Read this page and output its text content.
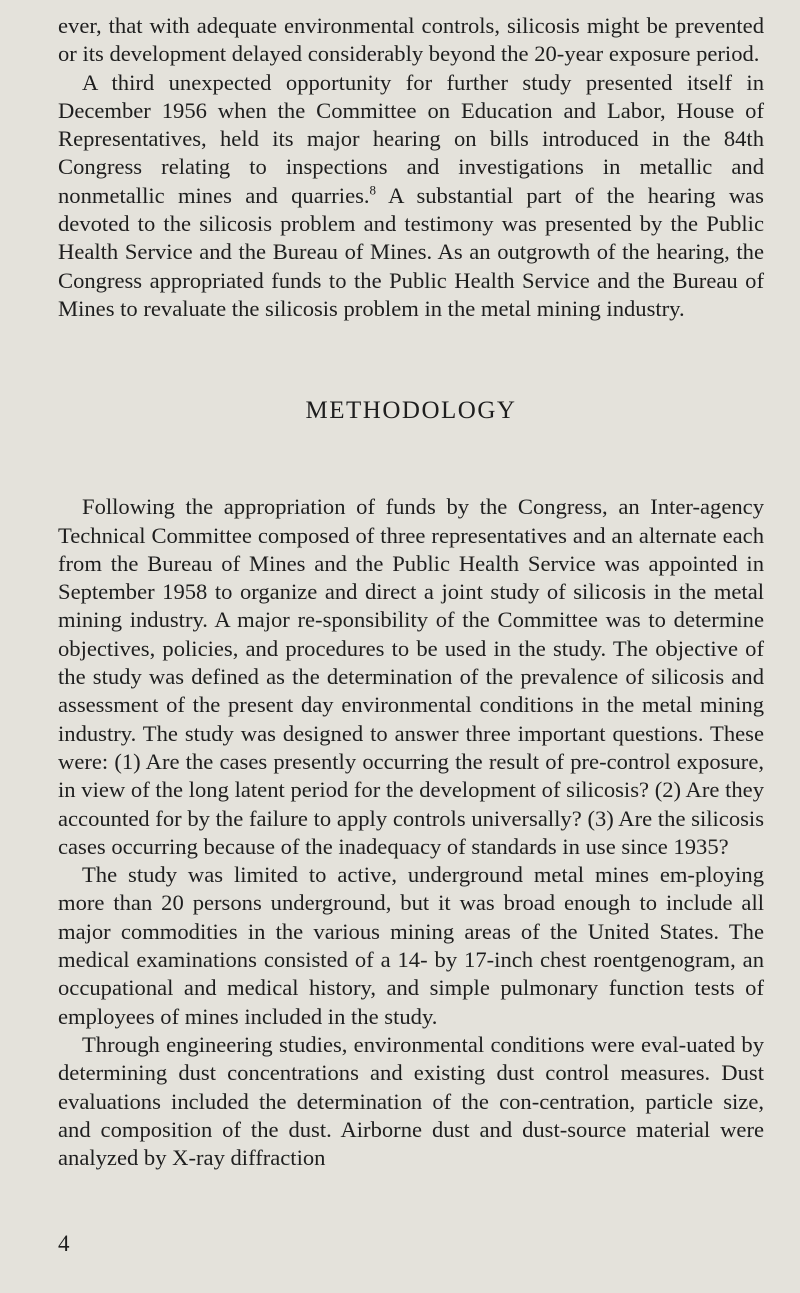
ever, that with adequate environmental controls, silicosis might be prevented or its development delayed considerably beyond the 20-year exposure period.

A third unexpected opportunity for further study presented itself in December 1956 when the Committee on Education and Labor, House of Representatives, held its major hearing on bills introduced in the 84th Congress relating to inspections and investigations in metallic and nonmetallic mines and quarries.$^8$ A substantial part of the hearing was devoted to the silicosis problem and testimony was presented by the Public Health Service and the Bureau of Mines. As an outgrowth of the hearing, the Congress appropriated funds to the Public Health Service and the Bureau of Mines to revaluate the silicosis problem in the metal mining industry.

METHODOLOGY

Following the appropriation of funds by the Congress, an Inter-agency Technical Committee composed of three representatives and an alternate each from the Bureau of Mines and the Public Health Service was appointed in September 1958 to organize and direct a joint study of silicosis in the metal mining industry. A major re-sponsibility of the Committee was to determine objectives, policies, and procedures to be used in the study. The objective of the study was defined as the determination of the prevalence of silicosis and assessment of the present day environmental conditions in the metal mining industry. The study was designed to answer three important questions. These were: (1) Are the cases presently occurring the result of pre-control exposure, in view of the long latent period for the development of silicosis? (2) Are they accounted for by the failure to apply controls universally? (3) Are the silicosis cases occurring because of the inadequacy of standards in use since 1935?

The study was limited to active, underground metal mines em-ploying more than 20 persons underground, but it was broad enough to include all major commodities in the various mining areas of the United States. The medical examinations consisted of a 14- by 17-inch chest roentgenogram, an occupational and medical history, and simple pulmonary function tests of employees of mines included in the study.

Through engineering studies, environmental conditions were eval-uated by determining dust concentrations and existing dust control measures. Dust evaluations included the determination of the con-centration, particle size, and composition of the dust. Airborne dust and dust-source material were analyzed by X-ray diffraction

4
